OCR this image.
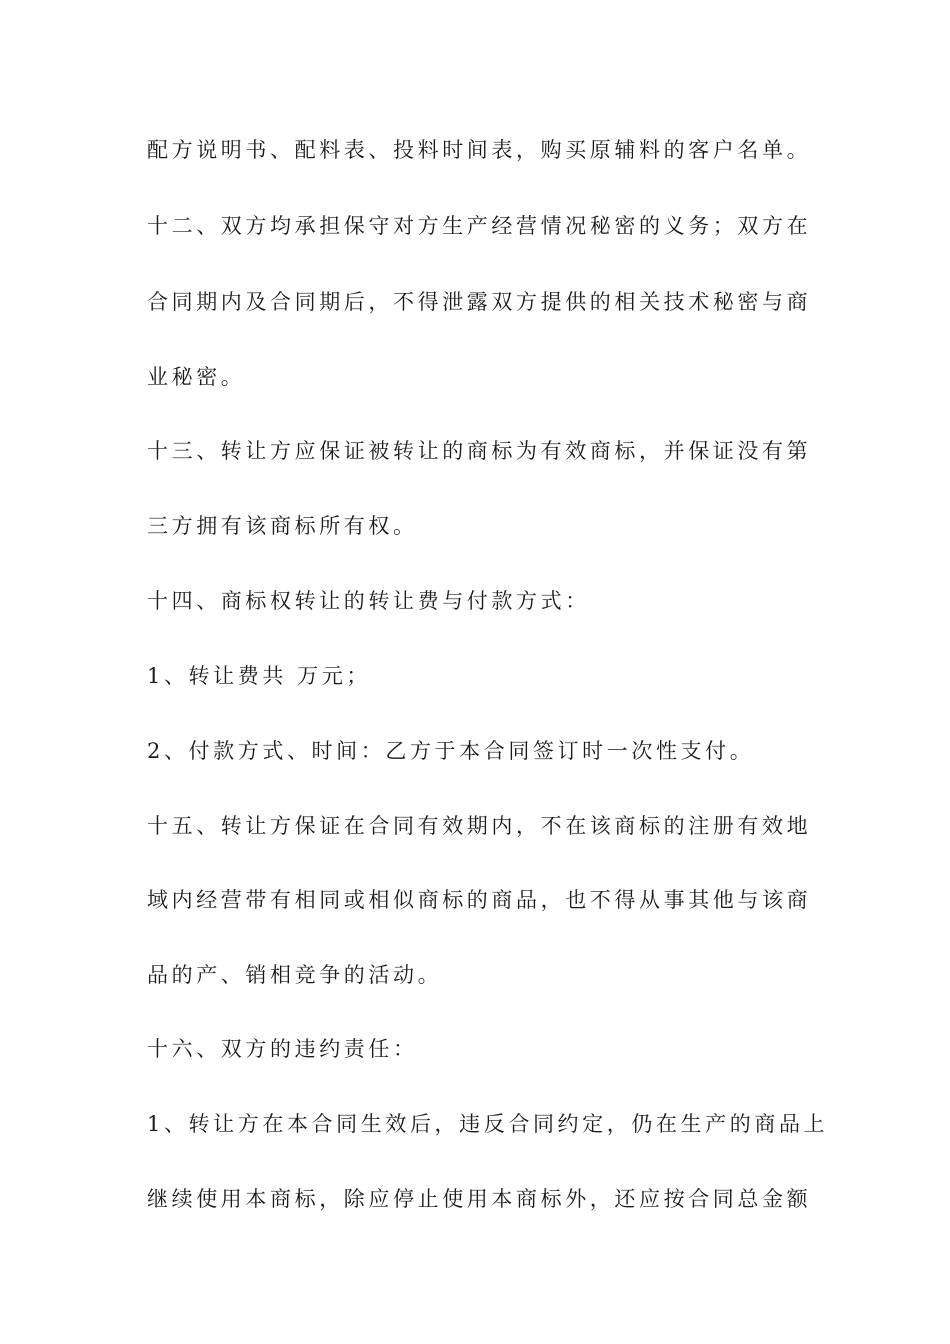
配方说明书、配料表、投料时间表，购买原辅料的客户名单。
十二、双方均承担保守对方生产经营情况秘密的义务；双方在
合同期内及合同期后，不得泄露双方提供的相关技术秘密与商
业秘密。
十三、转让方应保证被转让的商标为有效商标，并保证没有第
三方拥有该商标所有权。
十四、商标权转让的转让费与付款方式：
1、转让费共 万元；
2、付款方式、时间：乙方于本合同签订时一次性支付。
十五、转让方保证在合同有效期内，不在该商标的注册有效地
域内经营带有相同或相似商标的商品，也不得从事其他与该商
品的产、销相竞争的活动。
十六、双方的违约责任：
1、转让方在本合同生效后，违反合同约定，仍在生产的商品上
继续使用本商标，除应停止使用本商标外，还应按合同总金额
